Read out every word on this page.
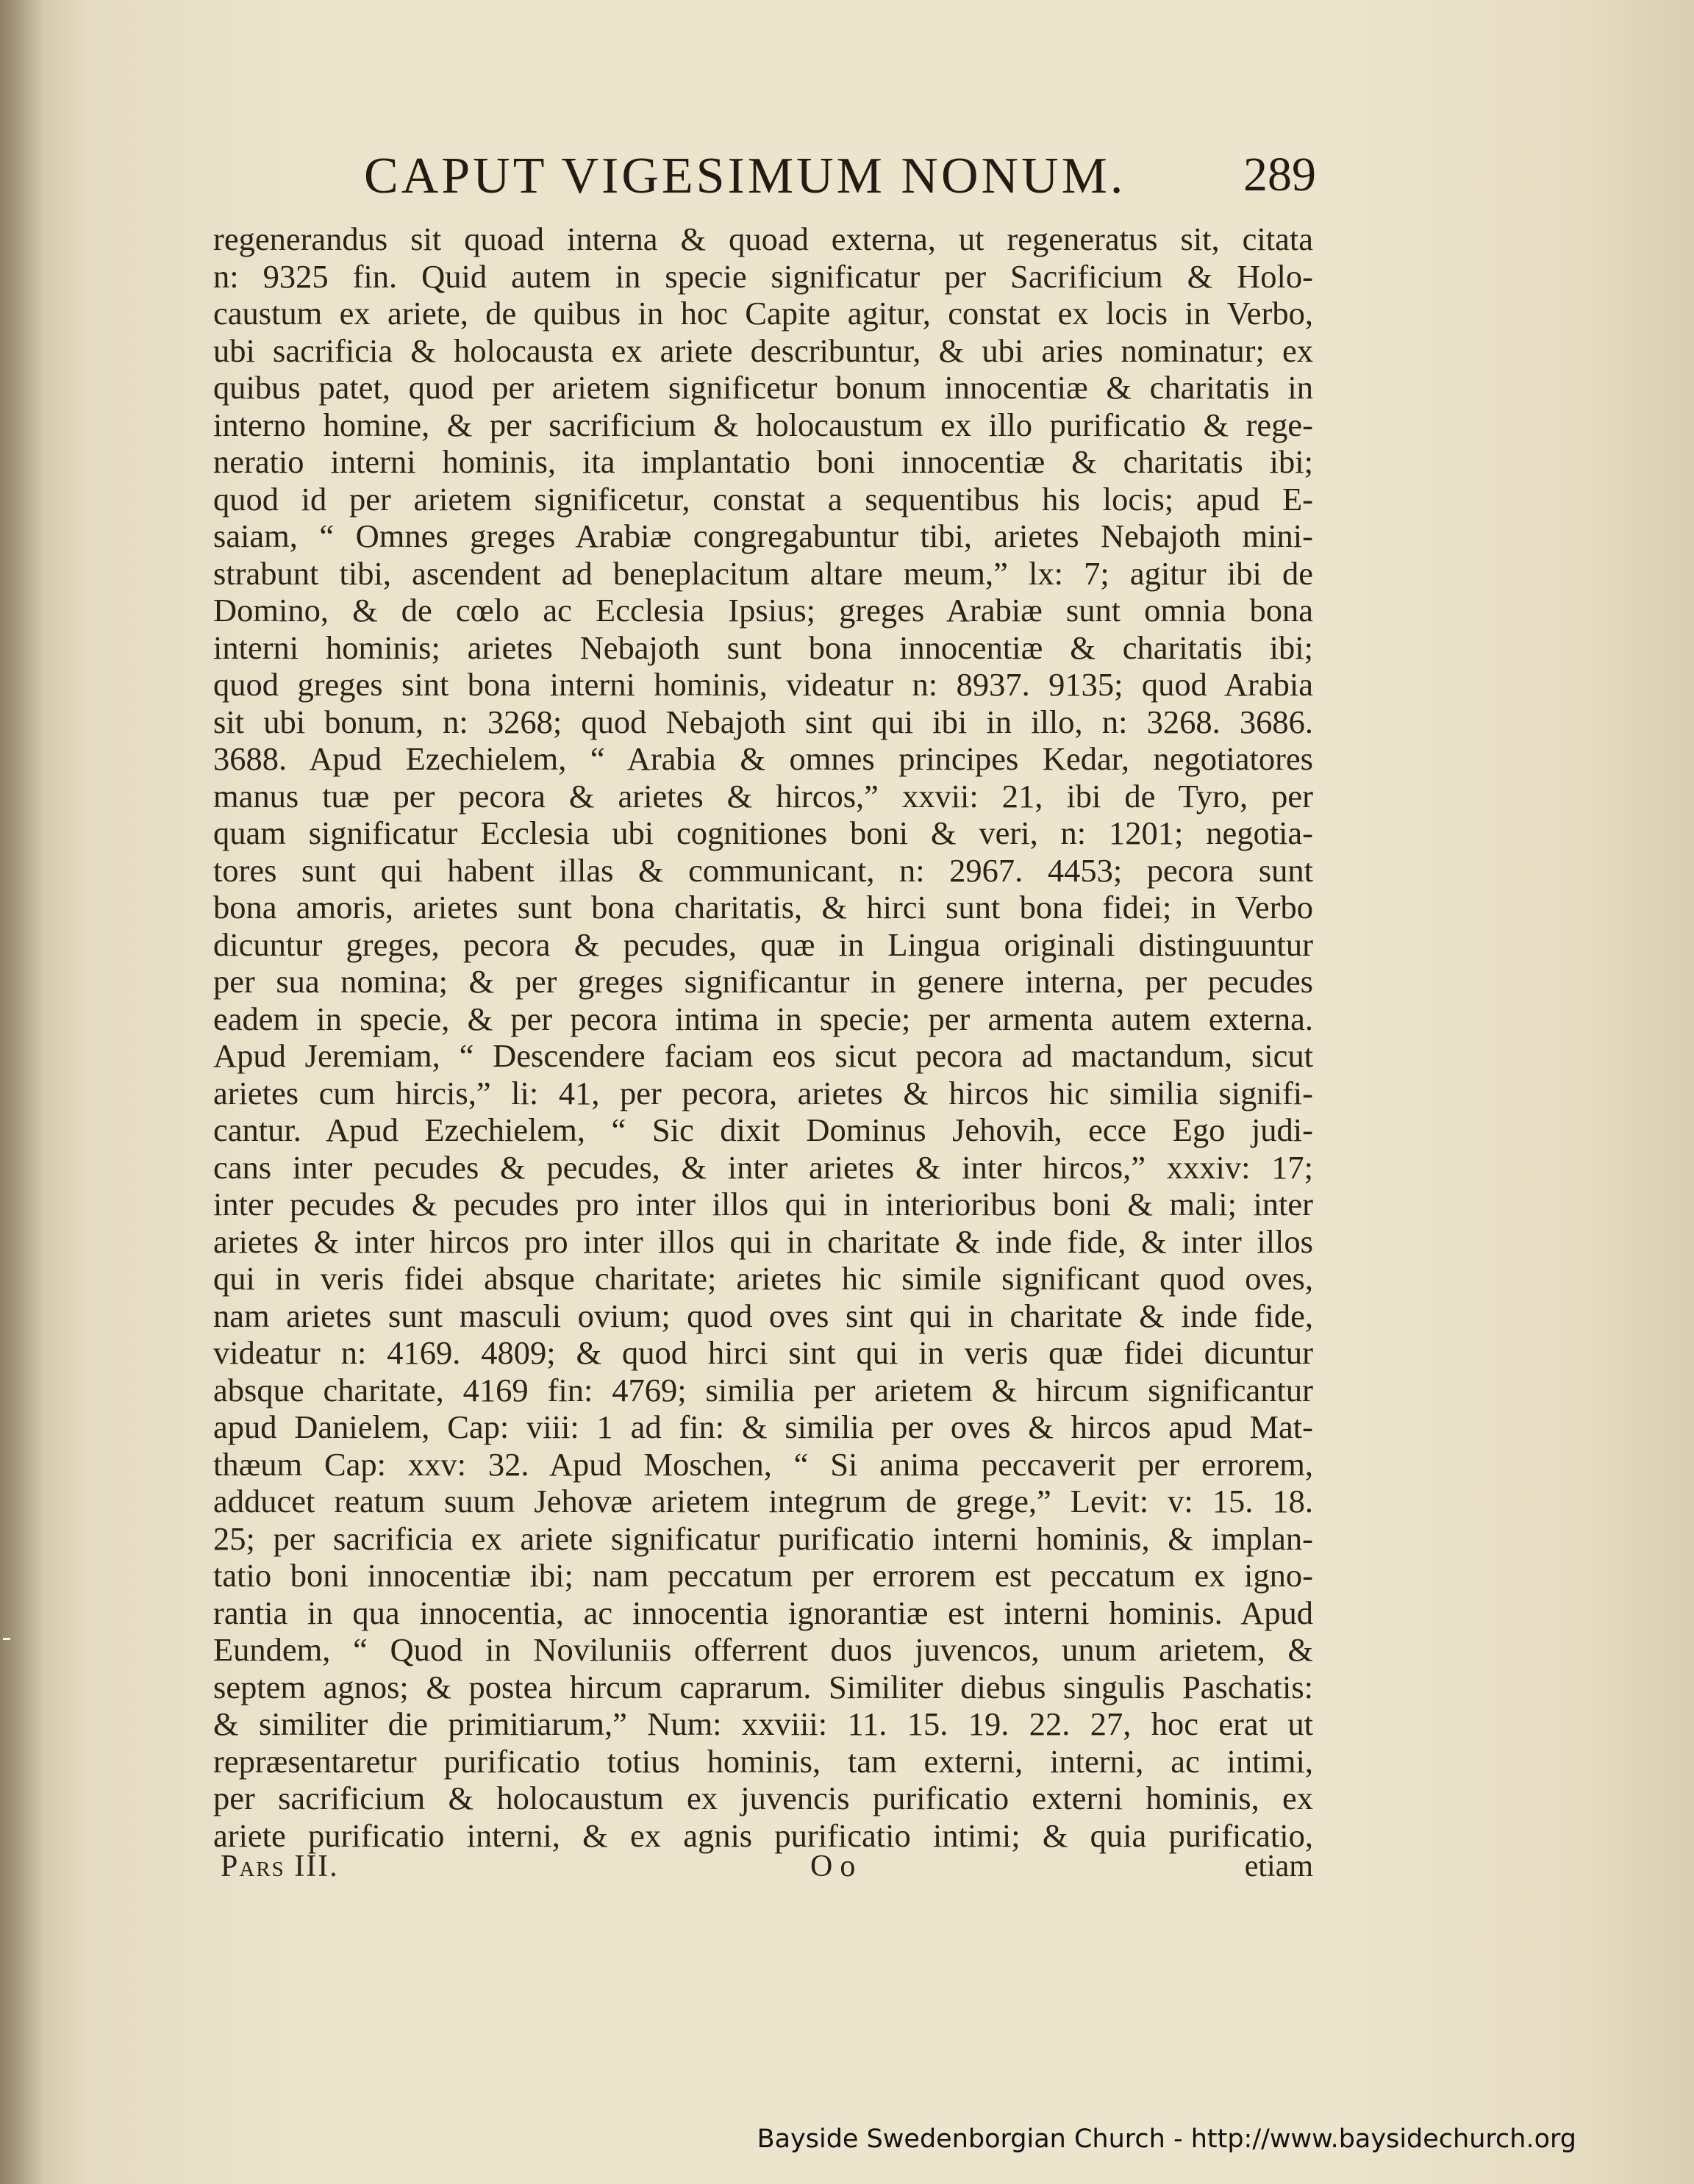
CAPUT VIGESIMUM NONUM. 289
regenerandus sit quoad interna & quoad externa, ut regeneratus sit, citata
n: 9325 fin. Quid autem in specie significatur per Sacrificium & Holo-
caustum ex ariete, de quibus in hoc Capite agitur, constat ex locis in Verbo,
ubi sacrificia & holocausta ex ariete describuntur, & ubi aries nominatur; ex
quibus patet, quod per arietem significetur bonum innocentiæ & charitatis in
interno homine, & per sacrificium & holocaustum ex illo purificatio & rege-
neratio interni hominis, ita implantatio boni innocentiæ & charitatis ibi;
quod id per arietem significetur, constat a sequentibus his locis; apud E-
saiam, “ Omnes greges Arabiæ congregabuntur tibi, arietes Nebajoth mini-
strabunt tibi, ascendent ad beneplacitum altare meum,” lx: 7; agitur ibi de
Domino, & de cœlo ac Ecclesia Ipsius; greges Arabiæ sunt omnia bona
interni hominis; arietes Nebajoth sunt bona innocentiæ & charitatis ibi;
quod greges sint bona interni hominis, videatur n: 8937. 9135; quod Arabia
sit ubi bonum, n: 3268; quod Nebajoth sint qui ibi in illo, n: 3268. 3686.
3688. Apud Ezechielem, “ Arabia & omnes principes Kedar, negotiatores
manus tuæ per pecora & arietes & hircos,” xxvii: 21, ibi de Tyro, per
quam significatur Ecclesia ubi cognitiones boni & veri, n: 1201; negotia-
tores sunt qui habent illas & communicant, n: 2967. 4453; pecora sunt
bona amoris, arietes sunt bona charitatis, & hirci sunt bona fidei; in Verbo
dicuntur greges, pecora & pecudes, quæ in Lingua originali distinguuntur
per sua nomina; & per greges significantur in genere interna, per pecudes
eadem in specie, & per pecora intima in specie; per armenta autem externa.
Apud Jeremiam, “ Descendere faciam eos sicut pecora ad mactandum, sicut
arietes cum hircis,” li: 41, per pecora, arietes & hircos hic similia signifi-
cantur. Apud Ezechielem, “ Sic dixit Dominus Jehovih, ecce Ego judi-
cans inter pecudes & pecudes, & inter arietes & inter hircos,” xxxiv: 17;
inter pecudes & pecudes pro inter illos qui in interioribus boni & mali; inter
arietes & inter hircos pro inter illos qui in charitate & inde fide, & inter illos
qui in veris fidei absque charitate; arietes hic simile significant quod oves,
nam arietes sunt masculi ovium; quod oves sint qui in charitate & inde fide,
videatur n: 4169. 4809; & quod hirci sint qui in veris quæ fidei dicuntur
absque charitate, 4169 fin: 4769; similia per arietem & hircum significantur
apud Danielem, Cap: viii: 1 ad fin: & similia per oves & hircos apud Mat-
thæum Cap: xxv: 32. Apud Moschen, “ Si anima peccaverit per errorem,
adducet reatum suum Jehovæ arietem integrum de grege,” Levit: v: 15. 18.
25; per sacrificia ex ariete significatur purificatio interni hominis, & implan-
tatio boni innocentiæ ibi; nam peccatum per errorem est peccatum ex igno-
rantia in qua innocentia, ac innocentia ignorantiæ est interni hominis. Apud
Eundem, “ Quod in Noviluniis offerrent duos juvencos, unum arietem, &
septem agnos; & postea hircum caprarum. Similiter diebus singulis Paschatis:
& similiter die primitiarum,” Num: xxviii: 11. 15. 19. 22. 27, hoc erat ut
repræsentaretur purificatio totius hominis, tam externi, interni, ac intimi,
per sacrificium & holocaustum ex juvencis purificatio externi hominis, ex
ariete purificatio interni, & ex agnis purificatio intimi; & quia purificatio,
Pars III.	Oo	etiam
Bayside Swedenborgian Church - http://www.baysidechurch.org
